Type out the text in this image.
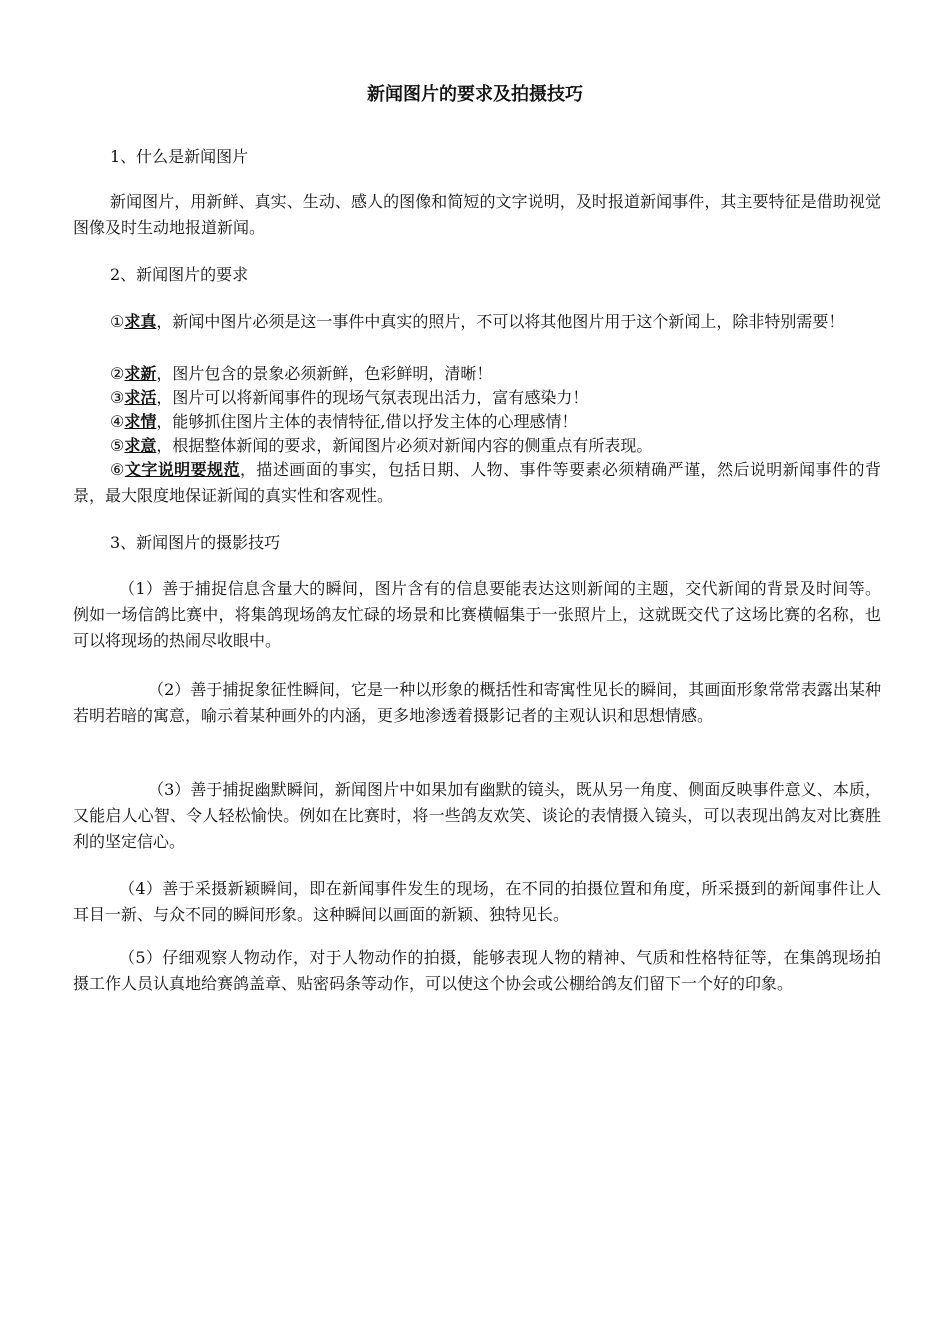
新闻图片的要求及拍摄技巧
1、什么是新闻图片
新闻图片，用新鲜、真实、生动、感人的图像和简短的文字说明，及时报道新闻事件，其主要特征是借助视觉图像及时生动地报道新闻。
2、新闻图片的要求
①求真，新闻中图片必须是这一事件中真实的照片，不可以将其他图片用于这个新闻上，除非特别需要！
②求新，图片包含的景象必须新鲜，色彩鲜明，清晰！
③求活，图片可以将新闻事件的现场气氛表现出活力，富有感染力！
④求情，能够抓住图片主体的表情特征,借以抒发主体的心理感情！
⑤求意，根据整体新闻的要求，新闻图片必须对新闻内容的侧重点有所表现。
⑥文字说明要规范，描述画面的事实，包括日期、人物、事件等要素必须精确严谨，然后说明新闻事件的背景，最大限度地保证新闻的真实性和客观性。
3、新闻图片的摄影技巧
（1）善于捕捉信息含量大的瞬间，图片含有的信息要能表达这则新闻的主题，交代新闻的背景及时间等。例如一场信鸽比赛中，将集鸽现场鸽友忙碌的场景和比赛横幅集于一张照片上，这就既交代了这场比赛的名称，也可以将现场的热闹尽收眼中。
（2）善于捕捉象征性瞬间，它是一种以形象的概括性和寄寓性见长的瞬间，其画面形象常常表露出某种若明若暗的寓意，喻示着某种画外的内涵，更多地渗透着摄影记者的主观认识和思想情感。
（3）善于捕捉幽默瞬间，新闻图片中如果加有幽默的镜头，既从另一角度、侧面反映事件意义、本质，又能启人心智、令人轻松愉快。例如在比赛时，将一些鸽友欢笑、谈论的表情摄入镜头，可以表现出鸽友对比赛胜利的坚定信心。
（4）善于采摄新颖瞬间，即在新闻事件发生的现场，在不同的拍摄位置和角度，所采摄到的新闻事件让人耳目一新、与众不同的瞬间形象。这种瞬间以画面的新颖、独特见长。
（5）仔细观察人物动作，对于人物动作的拍摄，能够表现人物的精神、气质和性格特征等，在集鸽现场拍摄工作人员认真地给赛鸽盖章、贴密码条等动作，可以使这个协会或公棚给鸽友们留下一个好的印象。
